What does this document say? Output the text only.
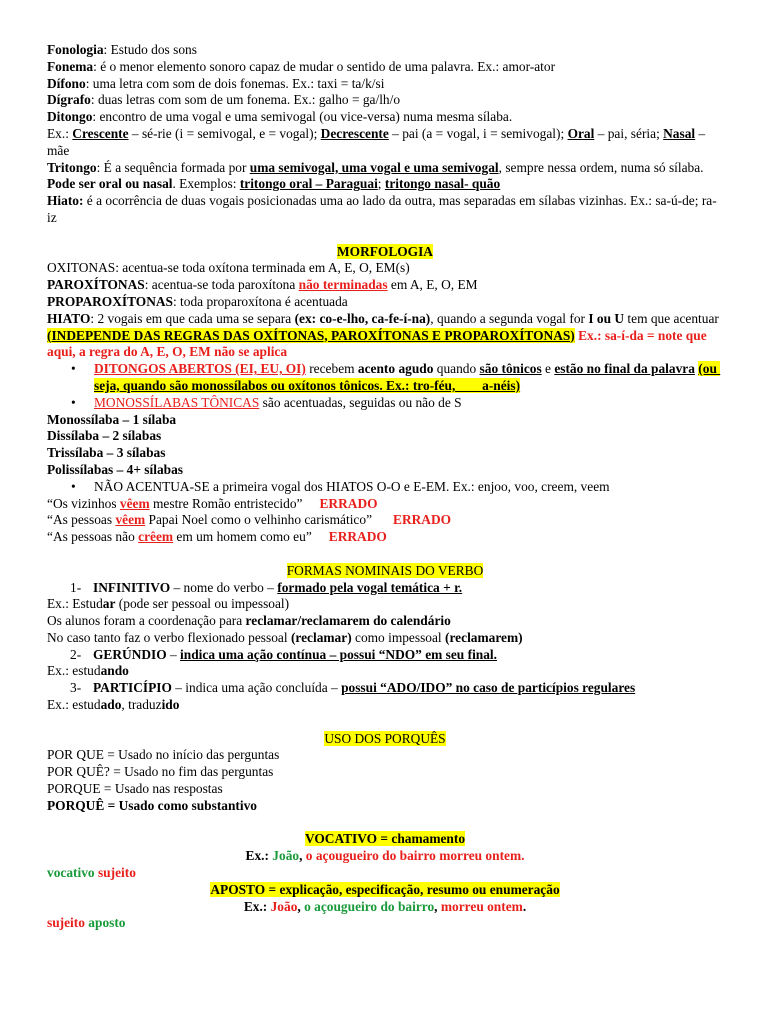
Fonologia: Estudo dos sons

Fonema: é o menor elemento sonoro capaz de mudar o sentido de uma palavra. Ex.: amor-ator

Dífono: uma letra com som de dois fonemas. Ex.: taxi = ta/k/si

Dígrafo: duas letras com som de um fonema. Ex.: galho = ga/lh/o

Ditongo: encontro de uma vogal e uma semivogal (ou vice-versa) numa mesma sílaba.

Ex.: Crescente – sé-rie (i = semivogal, e = vogal); Decrescente – pai (a = vogal, i = semivogal); Oral – pai, séria; Nasal – mãe

Tritongo: É a sequência formada por uma semivogal, uma vogal e uma semivogal, sempre nessa ordem, numa só sílaba. Pode ser oral ou nasal. Exemplos: tritongo oral – Paraguai; tritongo nasal- quão

Hiato: é a ocorrência de duas vogais posicionadas uma ao lado da outra, mas separadas em sílabas vizinhas. Ex.: sa-ú-de; ra-iz

MORFOLOGIA

OXITONAS: acentua-se toda oxítona terminada em A, E, O, EM(s)

PAROXÍTONAS: acentua-se toda paroxítona não terminadas em A, E, O, EM

PROPAROXÍTONAS: toda proparoxítona é acentuada

HIATO: 2 vogais em que cada uma se separa (ex: co-e-lho, ca-fe-í-na), quando a segunda vogal for I ou U tem que acentuar (INDEPENDE DAS REGRAS DAS OXÍTONAS, PAROXÍTONAS E PROPAROXÍTONAS) Ex.: sa-í-da = note que aqui, a regra do A, E, O, EM não se aplica

• DITONGOS ABERTOS (EI, EU, OI) recebem acento agudo quando são tônicos e estão no final da palavra (ou seja, quando são monossílabos ou oxítonos tônicos. Ex.: tro-féu,        a-néis)
• MONOSSÍLABAS TÔNICAS são acentuadas, seguidas ou não de S

Monossílaba – 1 sílaba

Dissílaba – 2 sílabas

Trissílaba – 3 sílabas

Polissílabas – 4+ sílabas

• NÃO ACENTUA-SE a primeira vogal dos HIATOS O-O e E-EM. Ex.: enjoo, voo, creem, veem

“Os vizinhos vêem mestre Romão entristecido” ERRADO

“As pessoas vêem Papai Noel como o velhinho carismático” ERRADO

“As pessoas não crêem em um homem como eu” ERRADO

FORMAS NOMINAIS DO VERBO

1- INFINITIVO – nome do verbo – formado pela vogal temática + r.

Ex.: Estudar (pode ser pessoal ou impessoal)

Os alunos foram a coordenação para reclamar/reclamarem do calendário

No caso tanto faz o verbo flexionado pessoal (reclamar) como impessoal (reclamarem)

2- GERÚNDIO – indica uma ação contínua – possui “NDO” em seu final.

Ex.: estudando

3- PARTICÍPIO – indica uma ação concluída – possui “ADO/IDO” no caso de particípios regulares

Ex.: estudado, traduzido

USO DOS PORQUÊS

POR QUE = Usado no início das perguntas

POR QUÊ? = Usado no fim das perguntas

PORQUE = Usado nas respostas

PORQUÊ = Usado como substantivo

VOCATIVO = chamamento

Ex.: João, o açougueiro do bairro morreu ontem.

vocativo sujeito

APOSTO = explicação, especificação, resumo ou enumeração

Ex.: João, o açougueiro do bairro, morreu ontem.

sujeito aposto
